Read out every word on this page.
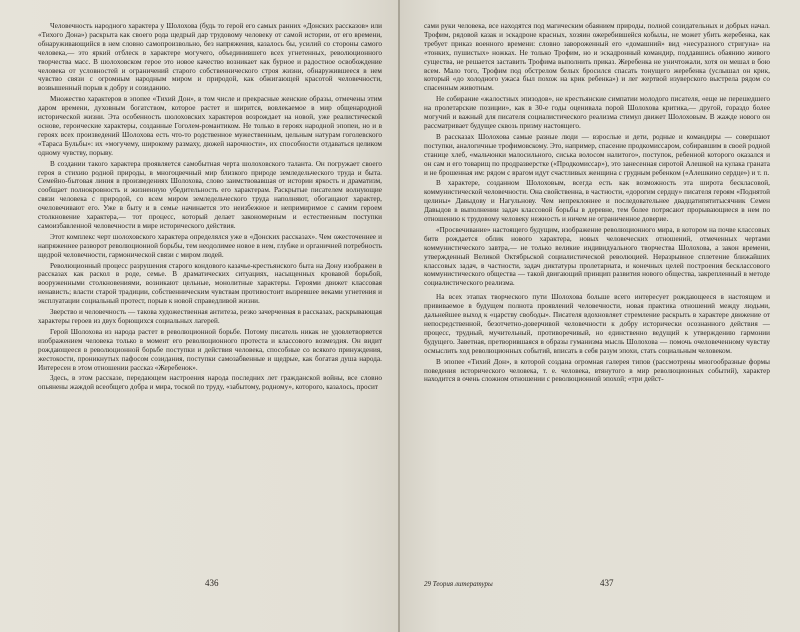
Человечность народного характера у Шолохова (будь то герой его самых ранних «Донских рассказов» или «Тихого Дона») раскрыта как своего рода щедрый дар трудовому человеку от самой истории, от его времени, обнаруживающийся в нем словно самопроизвольно, без напряжения, казалось бы, усилий со стороны самого человека,— это яркий отблеск в характере могучего, объединившего всех угнетенных, революционного творчества масс. В шолоховском герое это новое качество возникает как бурное и радостное освобождение человека от условностей и ограничений старого собственнического строя жизни, обнаружившееся в нем чувство связи с огромным народным миром и природой, как обжигающей красотой человечности, возвышенный порыв к добру и созиданию.

Множество характеров в эпопее «Тихий Дон», в том числе и прекрасные женские образы, отмечены этим даром времени, духовным богатством, которое растет и ширится, вовлекаемое в мир общенародной исторической жизни. Эта особенность шолоховских характеров возрождает на новой, уже реалистической основе, героические характеры, созданные Гоголем-романтиком. Не только в героях народной эпопеи, но и в героях всех произведений Шолохова есть что-то родственное мужественным, цельным натурам гоголевского «Тараса Бульбы»: их «могучему, широкому размаху, дюжей нарочности», их способности отдаваться целиком одному чувству, порыву.

В создании такого характера проявляется самобытная черта шолоховского таланта. Он погружает своего героя в стихию родной природы, в многоцвечный мир близкого природе земледельческого труда и быта. Семейно-бытовая линия в произведениях Шолохова, слово заимствовавшая от истории яркость и драматизм, сообщает полнокровность и жизненную убедительность его характерам. Раскрытые писателем волнующие связи человека с природой, со всем миром земледельческого труда наполняют, обогащают характер, очеловечивают его. Уже в быту и в семье начинается это неизбежное и непримиримое с самим героем столкновение характера,— тот процесс, который делает закономерным и естественным поступки самоизбавленной человечности в мире исторического действия.

Этот комплекс черт шолоховского характера определялся уже в «Донских рассказах». Чем ожесточеннее и напряженнее разворот революционной борьбы, тем неодолимее новое в нем, глубже и органичней потребность щедрой человечности, гармонической связи с миром людей.

Революционный процесс разрушения старого кондового казачье-крестьянского быта на Дону изображен в рассказах как раскол в роде, семье. В драматических ситуациях, насыщенных кровавой борьбой, вооруженными столкновениями, возникают цельные, монолитные характеры. Героями движет классовая ненависть; власти старой традиции, собственническим чувствам противостоит вызревшее веками угнетения и эксплуатации социальный протест, порыв к новой справедливой жизни.

Зверство и человечность — такова художественная антитеза, резко зачерченная в рассказах, раскрывающая характеры героев из двух борющихся социальных лагерей.

Герой Шолохова из народа растет в революционной борьбе. Потому писатель никак не удовлетворяется изображением человека только в момент его революционного протеста и классового возмездия. Он видит рождающееся в революционной борьбе поступки и действия человека, способные со всякого принуждения, жестокости, проникнутых пафосом созидания, поступки самозабвенные и щедрые, как богатая душа народа. Интересен в этом отношении рассказ «Жеребенок».

Здесь, в этом рассказе, передающем настроения народа последних лет гражданской войны, все словно опьянены жаждой всеобщего добра и мира, тоской по труду, «забытому, родному», которого, казалось, просит

436

сами руки человека, все находятся под магическим обаянием природы, полной созидательных и добрых начал. Трофим, рядовой казак и эскадронe красных, хозяин ожеребившейся кобылы, не может убить жеребенка, как требует приказ военного времени: словно завороженный его «домашний» вид «несуразного стригуна» на «тонких, пушистых» ножках. Не только Трофим, но и эскадронный командир, поддавшись обаянию живого существа, не решается заставить Трофима выполнить приказ. Жеребенка не уничтожали, хотя он мешал в бою всем. Мало того, Трофим под обстрелом белых бросился спасать тонущего жеребенка (услышал он крик, который «до холодного ужаса был похож на крик ребенка») и лег жертвой изуверского выстрела рядом со спасенным животным.

Не собирание «жалостных эпизодов», не крестьянские симпатии молодого писателя, «еще не перешедшего на пролетарские позиции», как в 30-е годы оценивала порой Шолохова критика,— другой, гораздо более могучий и важный для писателя социалистического реализма стимул движет Шолоховым. В жажде нового он рассматривает будущее сквозь призму настоящего.

В рассказах Шолохова самые разные люди — взрослые и дети, родные и командиры — совершают поступки, аналогичные трофимовскому. Это, например, спасение продкомиссаром, собиравшим в своей родной станице хлеб, «мальчонки малосильного, сиська волосом налитого», поступок, ребенной которого оказался и он сам и его товарищ по продразверстке («Продкомиссар»), это занесенная сиротой Алешкой на кулака граната и не брошенная им: рядом с врагом идут счастливых женщина с грудным ребенком («Алешкино сердце») и т. п.

В характере, созданном Шолоховым, всегда есть как возможность эта широта бескласовой, коммунистической человечности. Она свойственна, в частности, «дорогим сердцу» писателя героям «Поднятой целины» Давыдову и Нагульнову. Чем непреклоннее и последовательнее двадцатипятитысячник Семен Давыдов в выполнении задач классовой борьбы в деревне, тем более потрясают прорывающиеся в нем по отношению к трудовому человеку нежность и ничем не ограниченное доверие.

«Просвечивание» настоящего будущим, изображение революционного мира, в котором на почве классовых битв рождается облик нового характера, новых человеческих отношений, отмеченных чертами коммунистического завтра,— не только великие индивидуального творчества Шолохова, а закон времени, утвержденный Великой Октябрьской социалистической революцией. Неразрывное сплетение ближайших классовых задач, в частности, задач диктатуры пролетариата, и конечных целей построения бесклассового коммунистического общества — такой двигающий принцип развития нового общества, закрепленный в методе социалистического реализма.

На всех этапах творческого пути Шолохова больше всего интересует рождающееся в настоящем и прививаемое в будущем полнота проявлений человечности, новая практика отношений между людьми, дальнейшее выход к «царству свободы». Писателя вдохновляет стремление раскрыть в характере движение от непосредственной, безотчетно-доверчивой человечности к добру исторически осознанного действия — процесс, трудный, мучительный, противоречивый, но единственно ведущий к утверждению гармонии будущего. Заветная, претворившаяся в образы гуманизма мысль Шолохова — помочь очеловеченному чувству осмыслить ход революционных событий, вписать в себя разум эпохи, стать социальным человеком.

В эпопее «Тихий Дон», в которой создана огромная галерея типов (рассмотрены многообразные формы поведения исторического человека, т. е. человека, втянутого в мир революционных событий), характер находится в очень сложном отношении с революционной эпохой; «три дейст-

29 Теория литературы	437
